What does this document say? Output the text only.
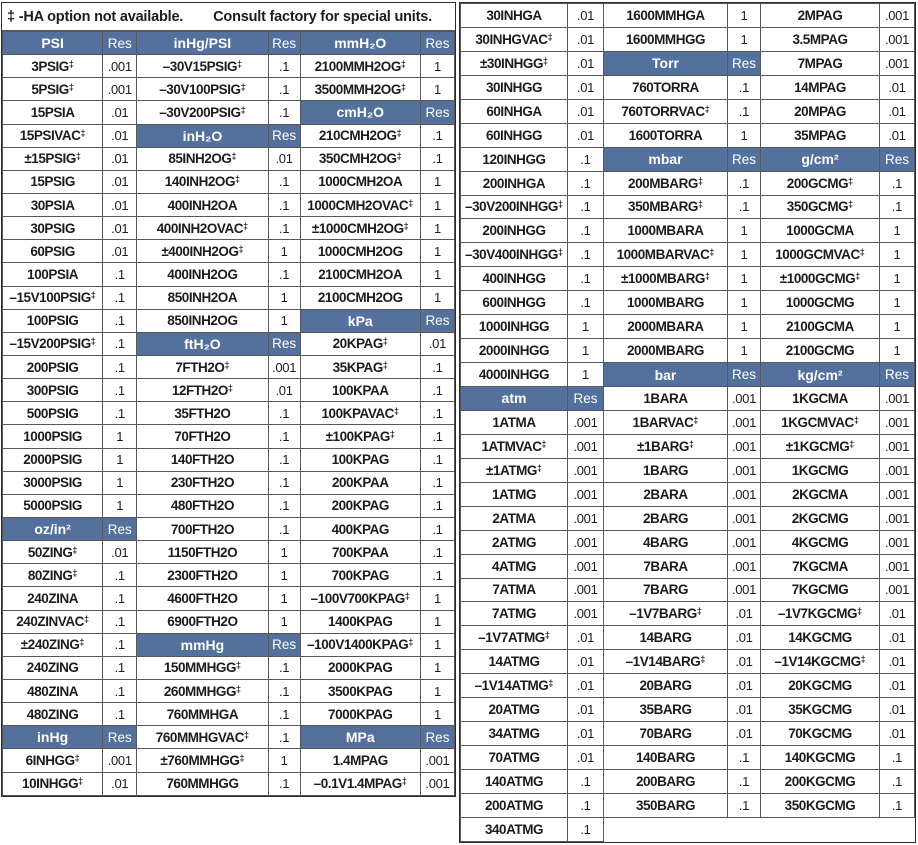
‡ -HA option not available. Consult factory for special units.
PSI	Res	inHg/PSI	Res	mmH₂O	Res
3PSIG‡	.001	–30V15PSIG‡	.1	2100MMH2OG‡	1
5PSIG‡	.001	–30V100PSIG‡	.1	3500MMH2OG‡	1
15PSIA	.01	–30V200PSIG‡	.1	cmH₂O	Res
15PSIVAC‡	.01	inH₂O	Res	210CMH2OG‡	.1
±15PSIG‡	.01	85INH2OG‡	.01	350CMH2OG‡	.1
15PSIG	.01	140INH2OG‡	.1	1000CMH2OA	1
30PSIA	.01	400INH2OA	.1	1000CMH2OVAC‡	1
30PSIG	.01	400INH2OVAC‡	.1	±1000CMH2OG‡	1
60PSIG	.01	±400INH2OG‡	1	1000CMH2OG	1
100PSIA	.1	400INH2OG	.1	2100CMH2OA	1
–15V100PSIG‡	.1	850INH2OA	1	2100CMH2OG	1
100PSIG	.1	850INH2OG	1	kPa	Res
–15V200PSIG‡	.1	ftH₂O	Res	20KPAG‡	.01
200PSIG	.1	7FTH2O‡	.001	35KPAG‡	.1
300PSIG	.1	12FTH2O‡	.01	100KPAA	.1
500PSIG	.1	35FTH2O	.1	100KPAVAC‡	.1
1000PSIG	1	70FTH2O	.1	±100KPAG‡	.1
2000PSIG	1	140FTH2O	.1	100KPAG	.1
3000PSIG	1	230FTH2O	.1	200KPAA	.1
5000PSIG	1	480FTH2O	.1	200KPAG	.1
oz/in²	Res	700FTH2O	.1	400KPAG	.1
50ZING‡	.01	1150FTH2O	1	700KPAA	.1
80ZING‡	.1	2300FTH2O	1	700KPAG	.1
240ZINA	.1	4600FTH2O	1	–100V700KPAG‡	1
240ZINVAC‡	.1	6900FTH2O	1	1400KPAG	1
±240ZING‡	.1	mmHg	Res	–100V1400KPAG‡	1
240ZING	.1	150MMHGG‡	.1	2000KPAG	1
480ZINA	.1	260MMHGG‡	.1	3500KPAG	1
480ZING	.1	760MMHGA	.1	7000KPAG	1
inHg	Res	760MMHGVAC‡	.1	MPa	Res
6INHGG‡	.001	±760MMHGG‡	1	1.4MPAG	.001
10INHGG‡	.01	760MMHGG	.1	–0.1V1.4MPAG‡	.001
30INHGA	.01	1600MMHGA	1	2MPAG	.001
30INHGVAC‡	.01	1600MMHGG	1	3.5MPAG	.001
±30INHGG‡	.01	Torr	Res	7MPAG	.001
30INHGG	.01	760TORRA	.1	14MPAG	.01
60INHGA	.01	760TORRVAC‡	.1	20MPAG	.01
60INHGG	.01	1600TORRA	1	35MPAG	.01
120INHGG	.1	mbar	Res	g/cm²	Res
200INHGA	.1	200MBARG‡	.1	200GCMG‡	.1
–30V200INHGG‡	.1	350MBARG‡	.1	350GCMG‡	.1
200INHGG	.1	1000MBARA	1	1000GCMA	1
–30V400INHGG‡	.1	1000MBARVAC‡	1	1000GCMVAC‡	1
400INHGG	.1	±1000MBARG‡	1	±1000GCMG‡	1
600INHGG	.1	1000MBARG	1	1000GCMG	1
1000INHGG	1	2000MBARA	1	2100GCMA	1
2000INHGG	1	2000MBARG	1	2100GCMG	1
4000INHGG	1	bar	Res	kg/cm²	Res
atm	Res	1BARA	.001	1KGCMA	.001
1ATMA	.001	1BARVAC‡	.001	1KGCMVAC‡	.001
1ATMVAC‡	.001	±1BARG‡	.001	±1KGCMG‡	.001
±1ATMG‡	.001	1BARG	.001	1KGCMG	.001
1ATMG	.001	2BARA	.001	2KGCMA	.001
2ATMA	.001	2BARG	.001	2KGCMG	.001
2ATMG	.001	4BARG	.001	4KGCMG	.001
4ATMG	.001	7BARA	.001	7KGCMA	.001
7ATMA	.001	7BARG	.001	7KGCMG	.001
7ATMG	.001	–1V7BARG‡	.01	–1V7KGCMG‡	.01
–1V7ATMG‡	.01	14BARG	.01	14KGCMG	.01
14ATMG	.01	–1V14BARG‡	.01	–1V14KGCMG‡	.01
–1V14ATMG‡	.01	20BARG	.01	20KGCMG	.01
20ATMG	.01	35BARG	.01	35KGCMG	.01
34ATMG	.01	70BARG	.01	70KGCMG	.01
70ATMG	.01	140BARG	.1	140KGCMG	.1
140ATMG	.1	200BARG	.1	200KGCMG	.1
200ATMG	.1	350BARG	.1	350KGCMG	.1
340ATMG	.1				
